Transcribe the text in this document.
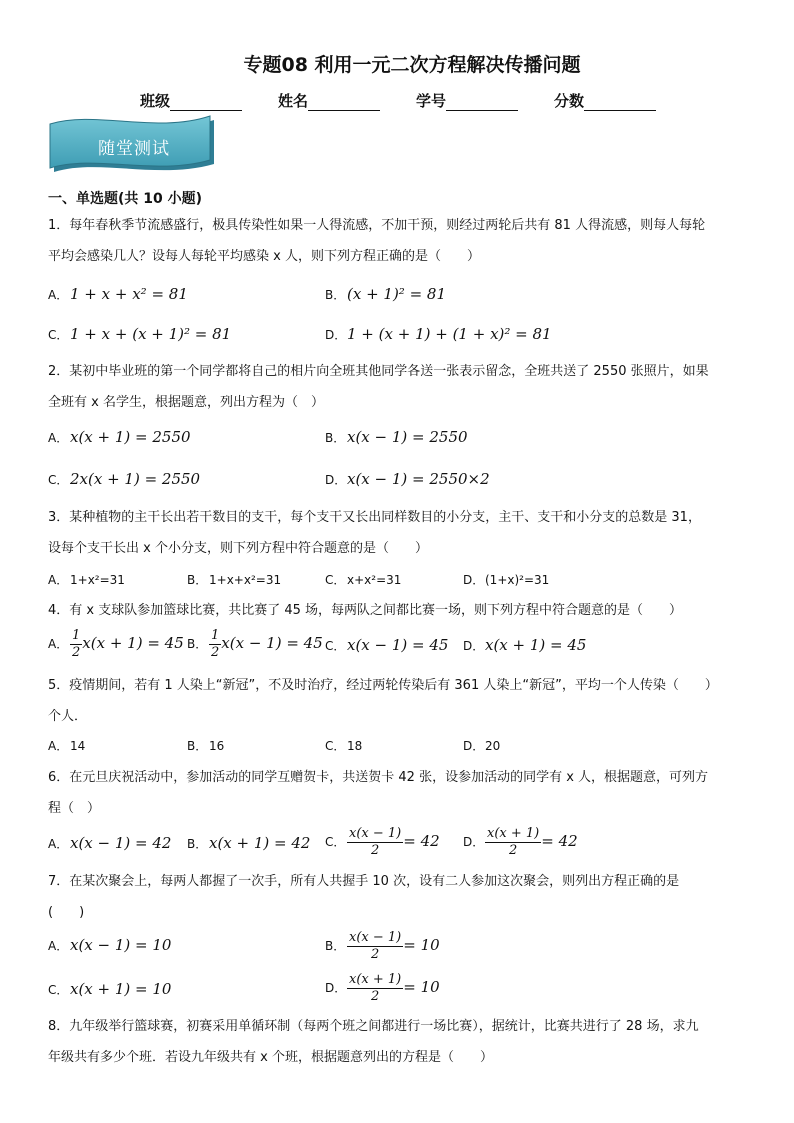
专题08 利用一元二次方程解决传播问题
班级	姓名	学号	分数
随堂测试
一、单选题(共 10 小题)
1．每年春秋季节流感盛行，极具传染性如果一人得流感，不加干预，则经过两轮后共有 81 人得流感，则每人每轮
平均会感染几人？设每人每轮平均感染 x 人，则下列方程正确的是（　　）
A． 1 + x + x² = 81	B． (x + 1)² = 81
C． 1 + x + (x + 1)² = 81	D．1 + (x + 1) + (1 + x)² = 81
2．某初中毕业班的第一个同学都将自己的相片向全班其他同学各送一张表示留念，全班共送了 2550 张照片，如果
全班有 x 名学生，根据题意，列出方程为（　）
A． x(x + 1) = 2550	B． x(x − 1) = 2550
C． 2x(x + 1) = 2550	D．x(x − 1) = 2550×2
3．某种植物的主干长出若干数目的支干，每个支干又长出同样数目的小分支，主干、支干和小分支的总数是 31，
设每个支干长出 x 个小分支，则下列方程中符合题意的是（　　）
A． 1+x²=31	B． 1+x+x²=31	C． x+x²=31	D．(1+x)²=31
4．有 x 支球队参加篮球比赛，共比赛了 45 场，每两队之间都比赛一场，则下列方程中符合题意的是（　　）
A． $\frac{1}{2} x(x + 1) = 45$ B． $\frac{1}{2} x(x - 1) = 45$ C． x(x − 1) = 45 D．x(x + 1) = 45
5．疫情期间，若有 1 人染上“新冠”，不及时治疗，经过两轮传染后有 361 人染上“新冠”，平均一个人传染（　　）
个人．
A． 14	B． 16	C． 18	D．20
6．在元旦庆祝活动中，参加活动的同学互赠贺卡，共送贺卡 42 张，设参加活动的同学有 x 人，根据题意，可列方
程（　）
A． x(x − 1) = 42 B． x(x + 1) = 42 C． $\frac{x(x - 1)}{2} = 42$ D． $\frac{x(x + 1)}{2} = 42$
7．在某次聚会上，每两人都握了一次手，所有人共握手 10 次，设有二人参加这次聚会，则列出方程正确的是
(　　)
A． x(x − 1) = 10	B． $\frac{x(x - 1)}{2} = 10$
C． x(x + 1) = 10	D． $\frac{x(x + 1)}{2} = 10$
8．九年级举行篮球赛，初赛采用单循环制（每两个班之间都进行一场比赛），据统计，比赛共进行了 28 场，求九
年级共有多少个班．若设九年级共有 x 个班，根据题意列出的方程是（　　）
